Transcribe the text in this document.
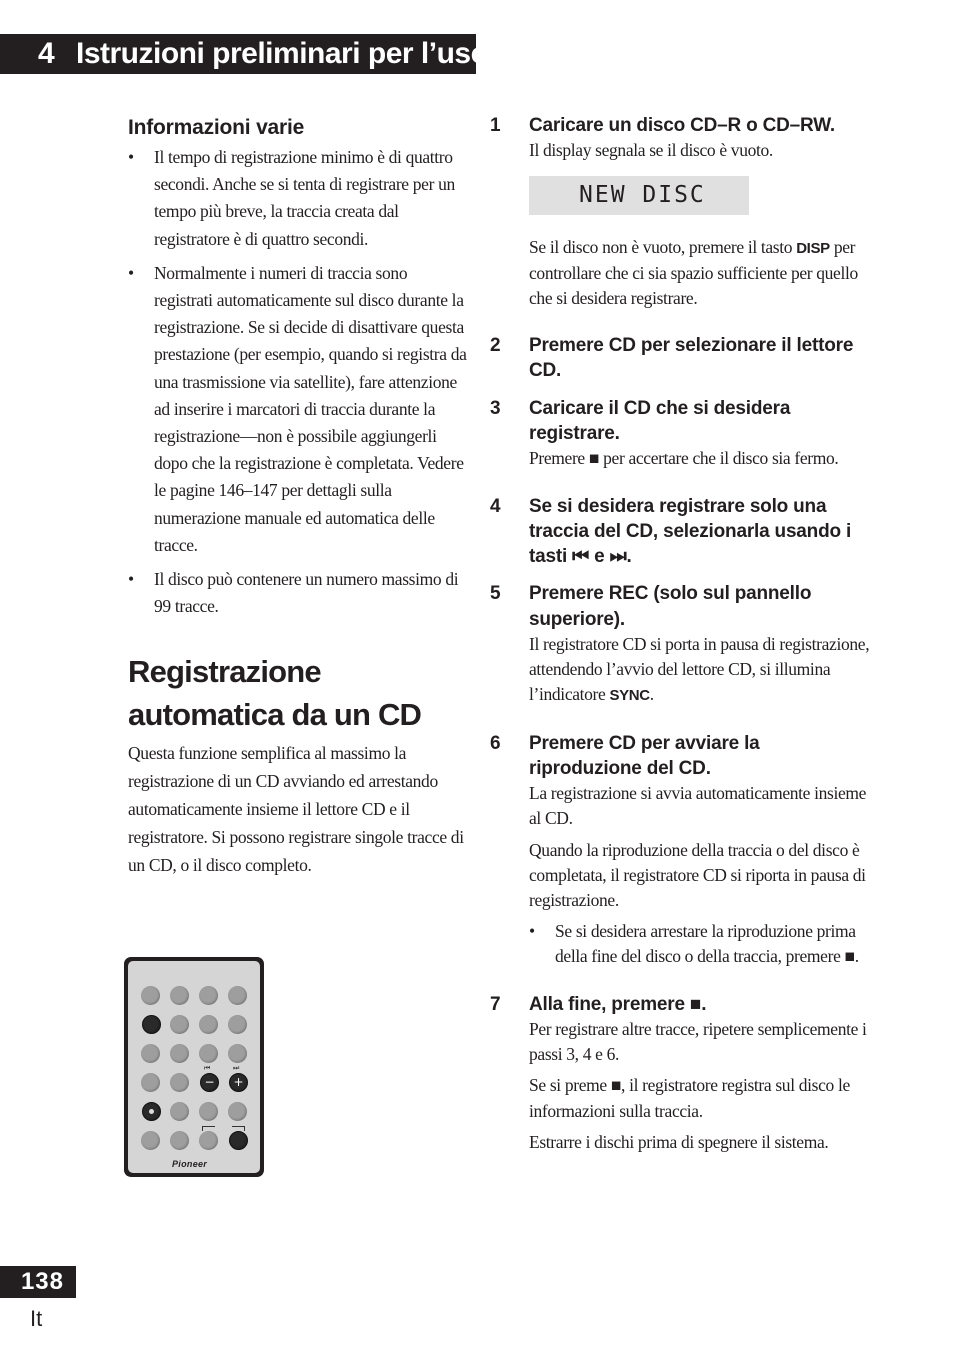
4 Istruzioni preliminari per l’uso
Informazioni varie
• Il tempo di registrazione minimo è di quattro secondi. Anche se si tenta di registrare per un tempo più breve, la traccia creata dal registratore è di quattro secondi.
• Normalmente i numeri di traccia sono registrati automaticamente sul disco durante la registrazione. Se si decide di disattivare questa prestazione (per esempio, quando si registra da una trasmissione via satellite), fare attenzione ad inserire i marcatori di traccia durante la registrazione—non è possibile aggiungerli dopo che la registrazione è completata. Vedere le pagine 146–147 per dettagli sulla numerazione manuale ed automatica delle tracce.
• Il disco può contenere un numero massimo di 99 tracce.
Registrazione automatica da un CD
Questa funzione semplifica al massimo la registrazione di un CD avviando ed arrestando automaticamente insieme il lettore CD e il registratore. Si possono registrare singole tracce di un CD, o il disco completo.
⏮	⏭
− +
Pioneer
1 Caricare un disco CD–R o CD–RW.

Il display segnala se il disco è vuoto.

NEW DISC

Se il disco non è vuoto, premere il tasto DISP per controllare che ci sia spazio sufficiente per quello che si desidera registrare.

2 Premere CD per selezionare il lettore CD.
3 Caricare il CD che si desidera registrare.

Premere ■ per accertare che il disco sia fermo.

4 Se si desidera registrare solo una traccia del CD, selezionarla usando i tasti ⏮ e ⏭.
5 Premere REC (solo sul pannello superiore).

Il registratore CD si porta in pausa di registrazione, attendendo l’avvio del lettore CD, si illumina l’indicatore SYNC.

6 Premere CD per avviare la riproduzione del CD.

La registrazione si avvia automaticamente insieme al CD.

Quando la riproduzione della traccia o del disco è completata, il registratore CD si riporta in pausa di registrazione.

• Se si desidera arrestare la riproduzione prima della fine del disco o della traccia, premere ■.
7 Alla fine, premere ■.

Per registrare altre tracce, ripetere semplicemente i passi 3, 4 e 6.

Se si preme ■, il registratore registra sul disco le informazioni sulla traccia.

Estrarre i dischi prima di spegnere il sistema.

138
It
